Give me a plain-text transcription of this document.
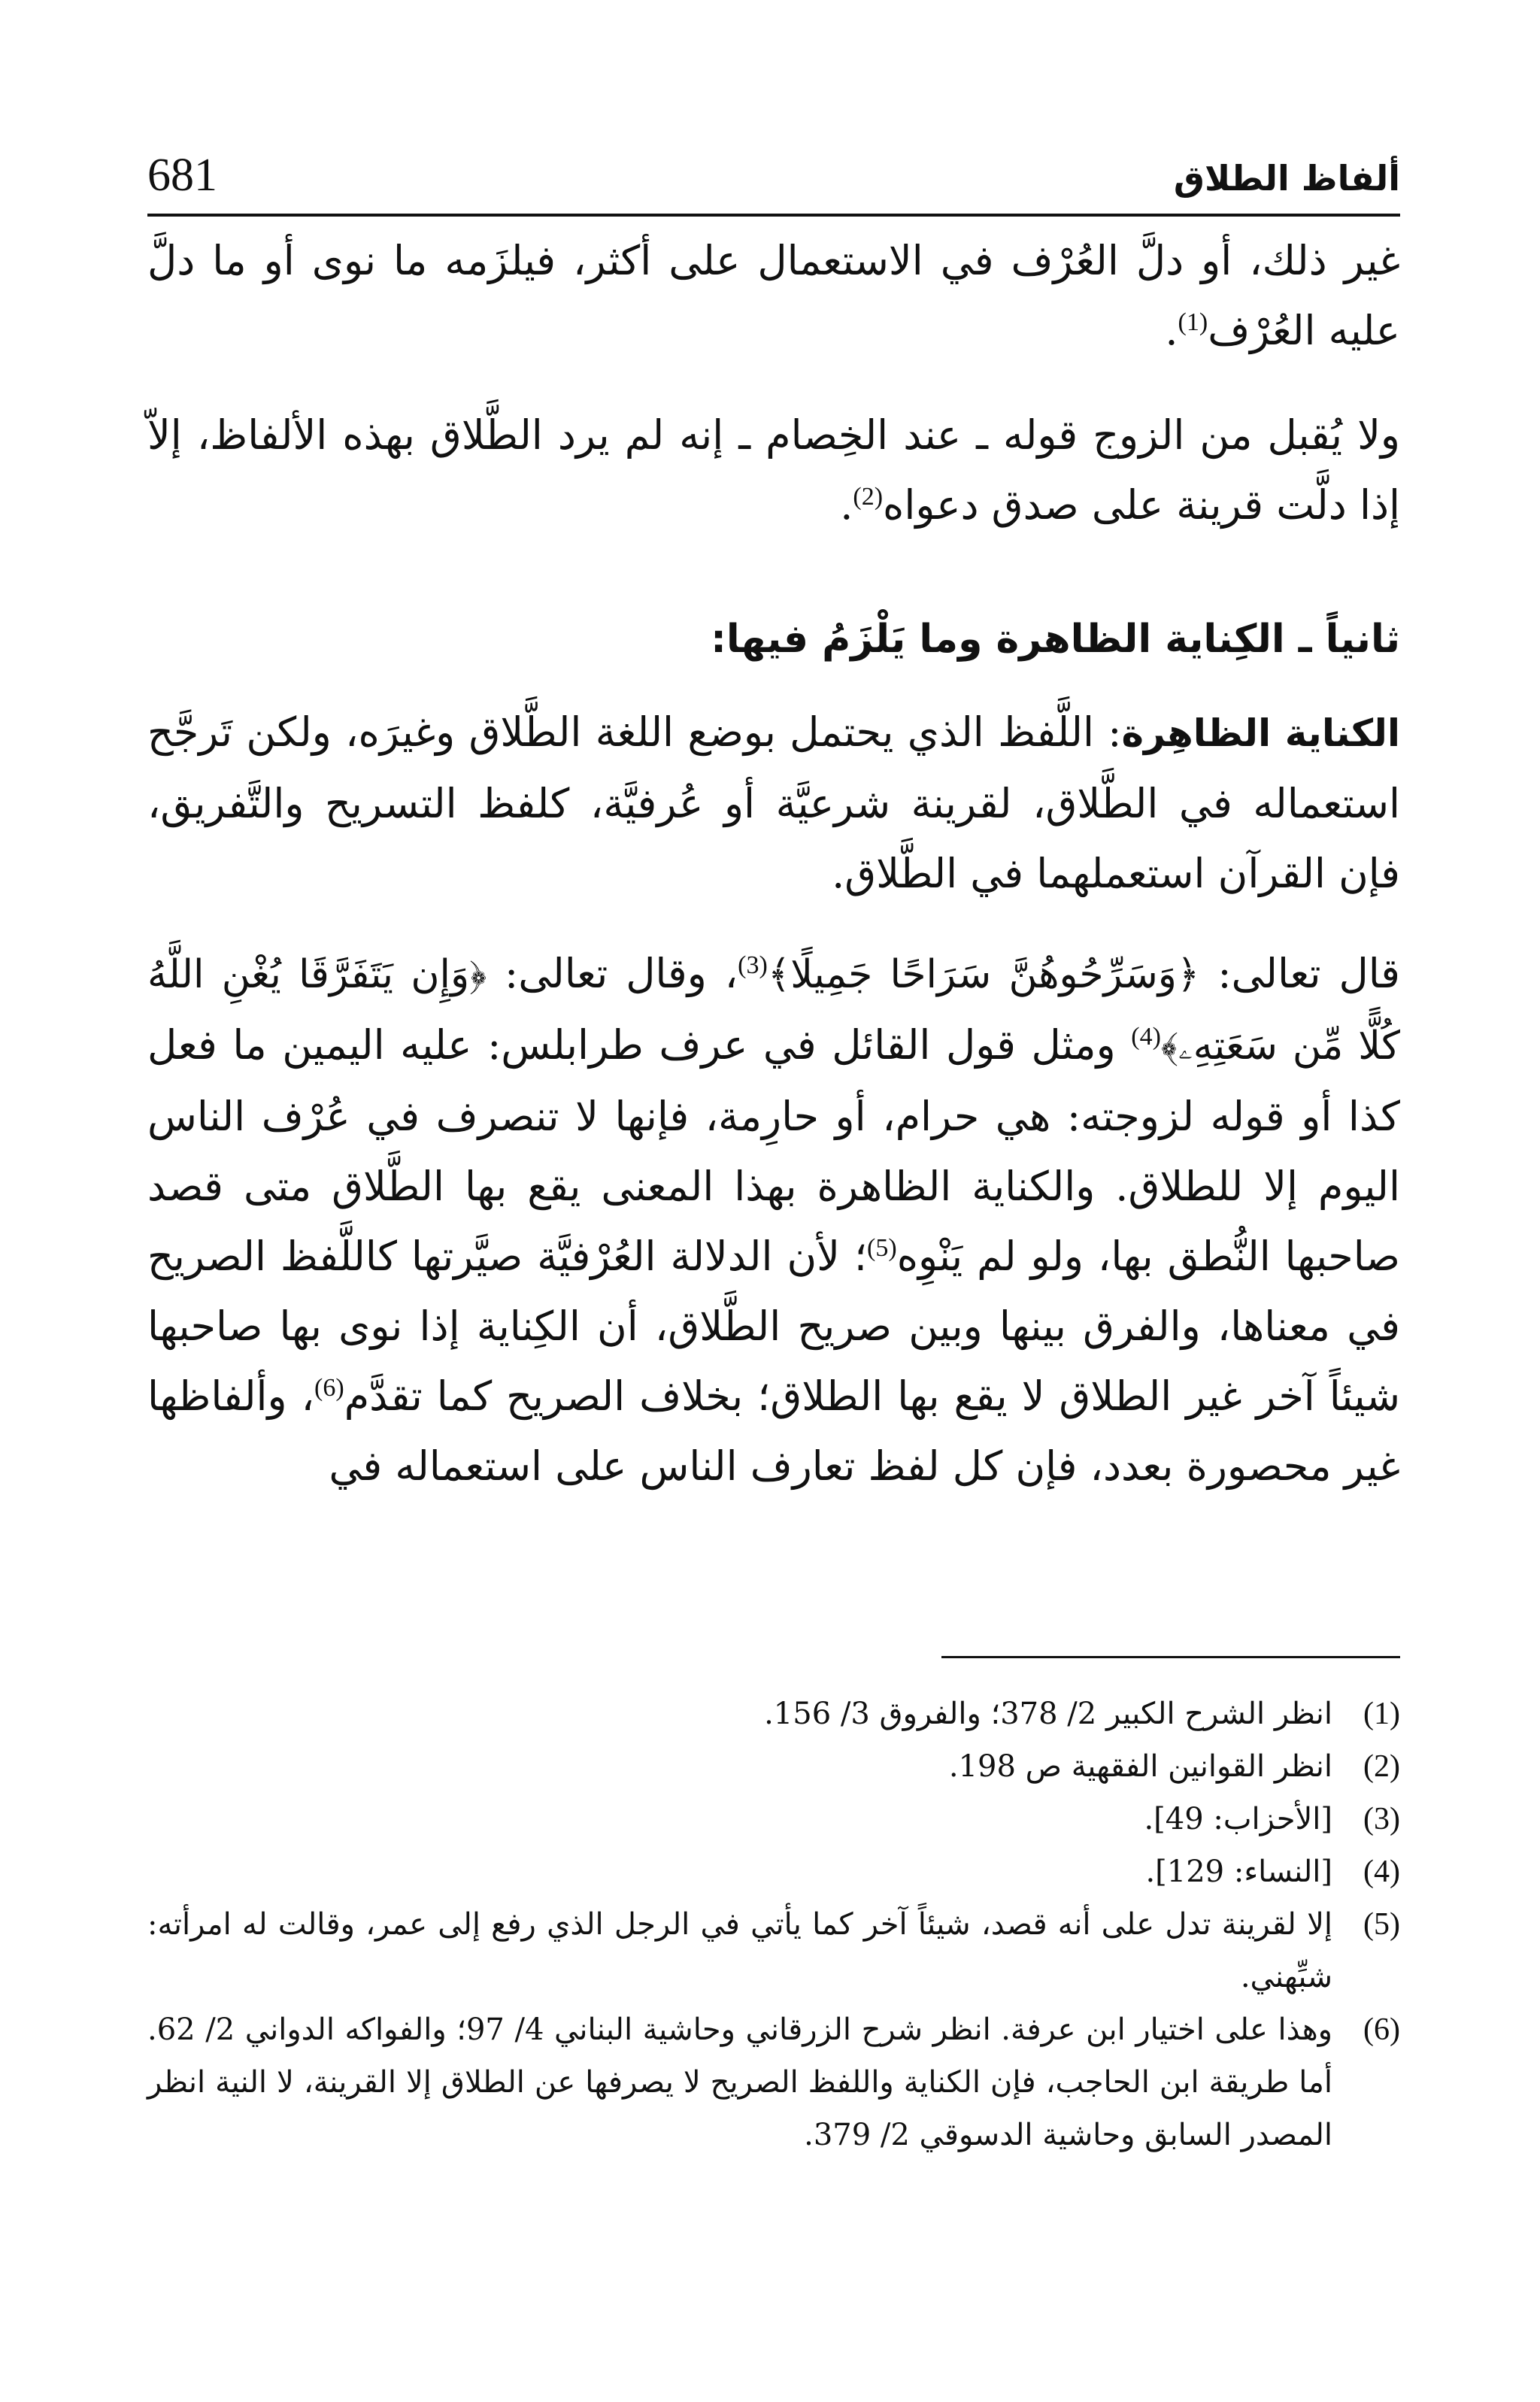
681	ألفاظ الطلاق

غير ذلك، أو دلَّ العُرْف في الاستعمال على أكثر، فيلزَمه ما نوى أو ما دلَّ عليه العُرْف$^{(1)}$.

ولا يُقبل من الزوج قوله ـ عند الخِصام ـ إنه لم يرد الطَّلاق بهذه الألفاظ، إلاّ إذا دلَّت قرينة على صدق دعواه$^{(2)}$.

ثانياً ـ الكِناية الظاهرة وما يَلْزَمُ فيها:

الكناية الظاهِرة: اللَّفظ الذي يحتمل بوضع اللغة الطَّلاق وغيرَه، ولكن تَرجَّح استعماله في الطَّلاق، لقرينة شرعيَّة أو عُرفيَّة، كلفظ التسريح والتَّفريق، فإن القرآن استعملهما في الطَّلاق.

قال تعالى: ﴿وَسَرِّحُوهُنَّ سَرَاحًا جَمِيلًا﴾$^{(3)}$، وقال تعالى: ﴿وَإِن يَتَفَرَّقَا يُغْنِ اللَّهُ كُلًّا مِّن سَعَتِهِۦ﴾$^{(4)}$ ومثل قول القائل في عرف طرابلس: عليه اليمين ما فعل كذا أو قوله لزوجته: هي حرام، أو حارِمة، فإنها لا تنصرف في عُرْف الناس اليوم إلا للطلاق. والكناية الظاهرة بهذا المعنى يقع بها الطَّلاق متى قصد صاحبها النُّطق بها، ولو لم يَنْوِه$^{(5)}$؛ لأن الدلالة العُرْفيَّة صيَّرتها كاللَّفظ الصريح في معناها، والفرق بينها وبين صريح الطَّلاق، أن الكِناية إذا نوى بها صاحبها شيئاً آخر غير الطلاق لا يقع بها الطلاق؛ بخلاف الصريح كما تقدَّم$^{(6)}$، وألفاظها غير محصورة بعدد، فإن كل لفظ تعارف الناس على استعماله في

(1)
انظر الشرح الكبير 2/ 378؛ والفروق 3/ 156.
(2)
انظر القوانين الفقهية ص 198.
(3)
[الأحزاب: 49].
(4)
[النساء: 129].
(5)
إلا لقرينة تدل على أنه قصد، شيئاً آخر كما يأتي في الرجل الذي رفع إلى عمر، وقالت له امرأته: شبِّهني.
(6)
وهذا على اختيار ابن عرفة. انظر شرح الزرقاني وحاشية البناني 4/ 97؛ والفواكه الدواني 2/ 62. أما طريقة ابن الحاجب، فإن الكناية واللفظ الصريح لا يصرفها عن الطلاق إلا القرينة، لا النية انظر المصدر السابق وحاشية الدسوقي 2/ 379.
